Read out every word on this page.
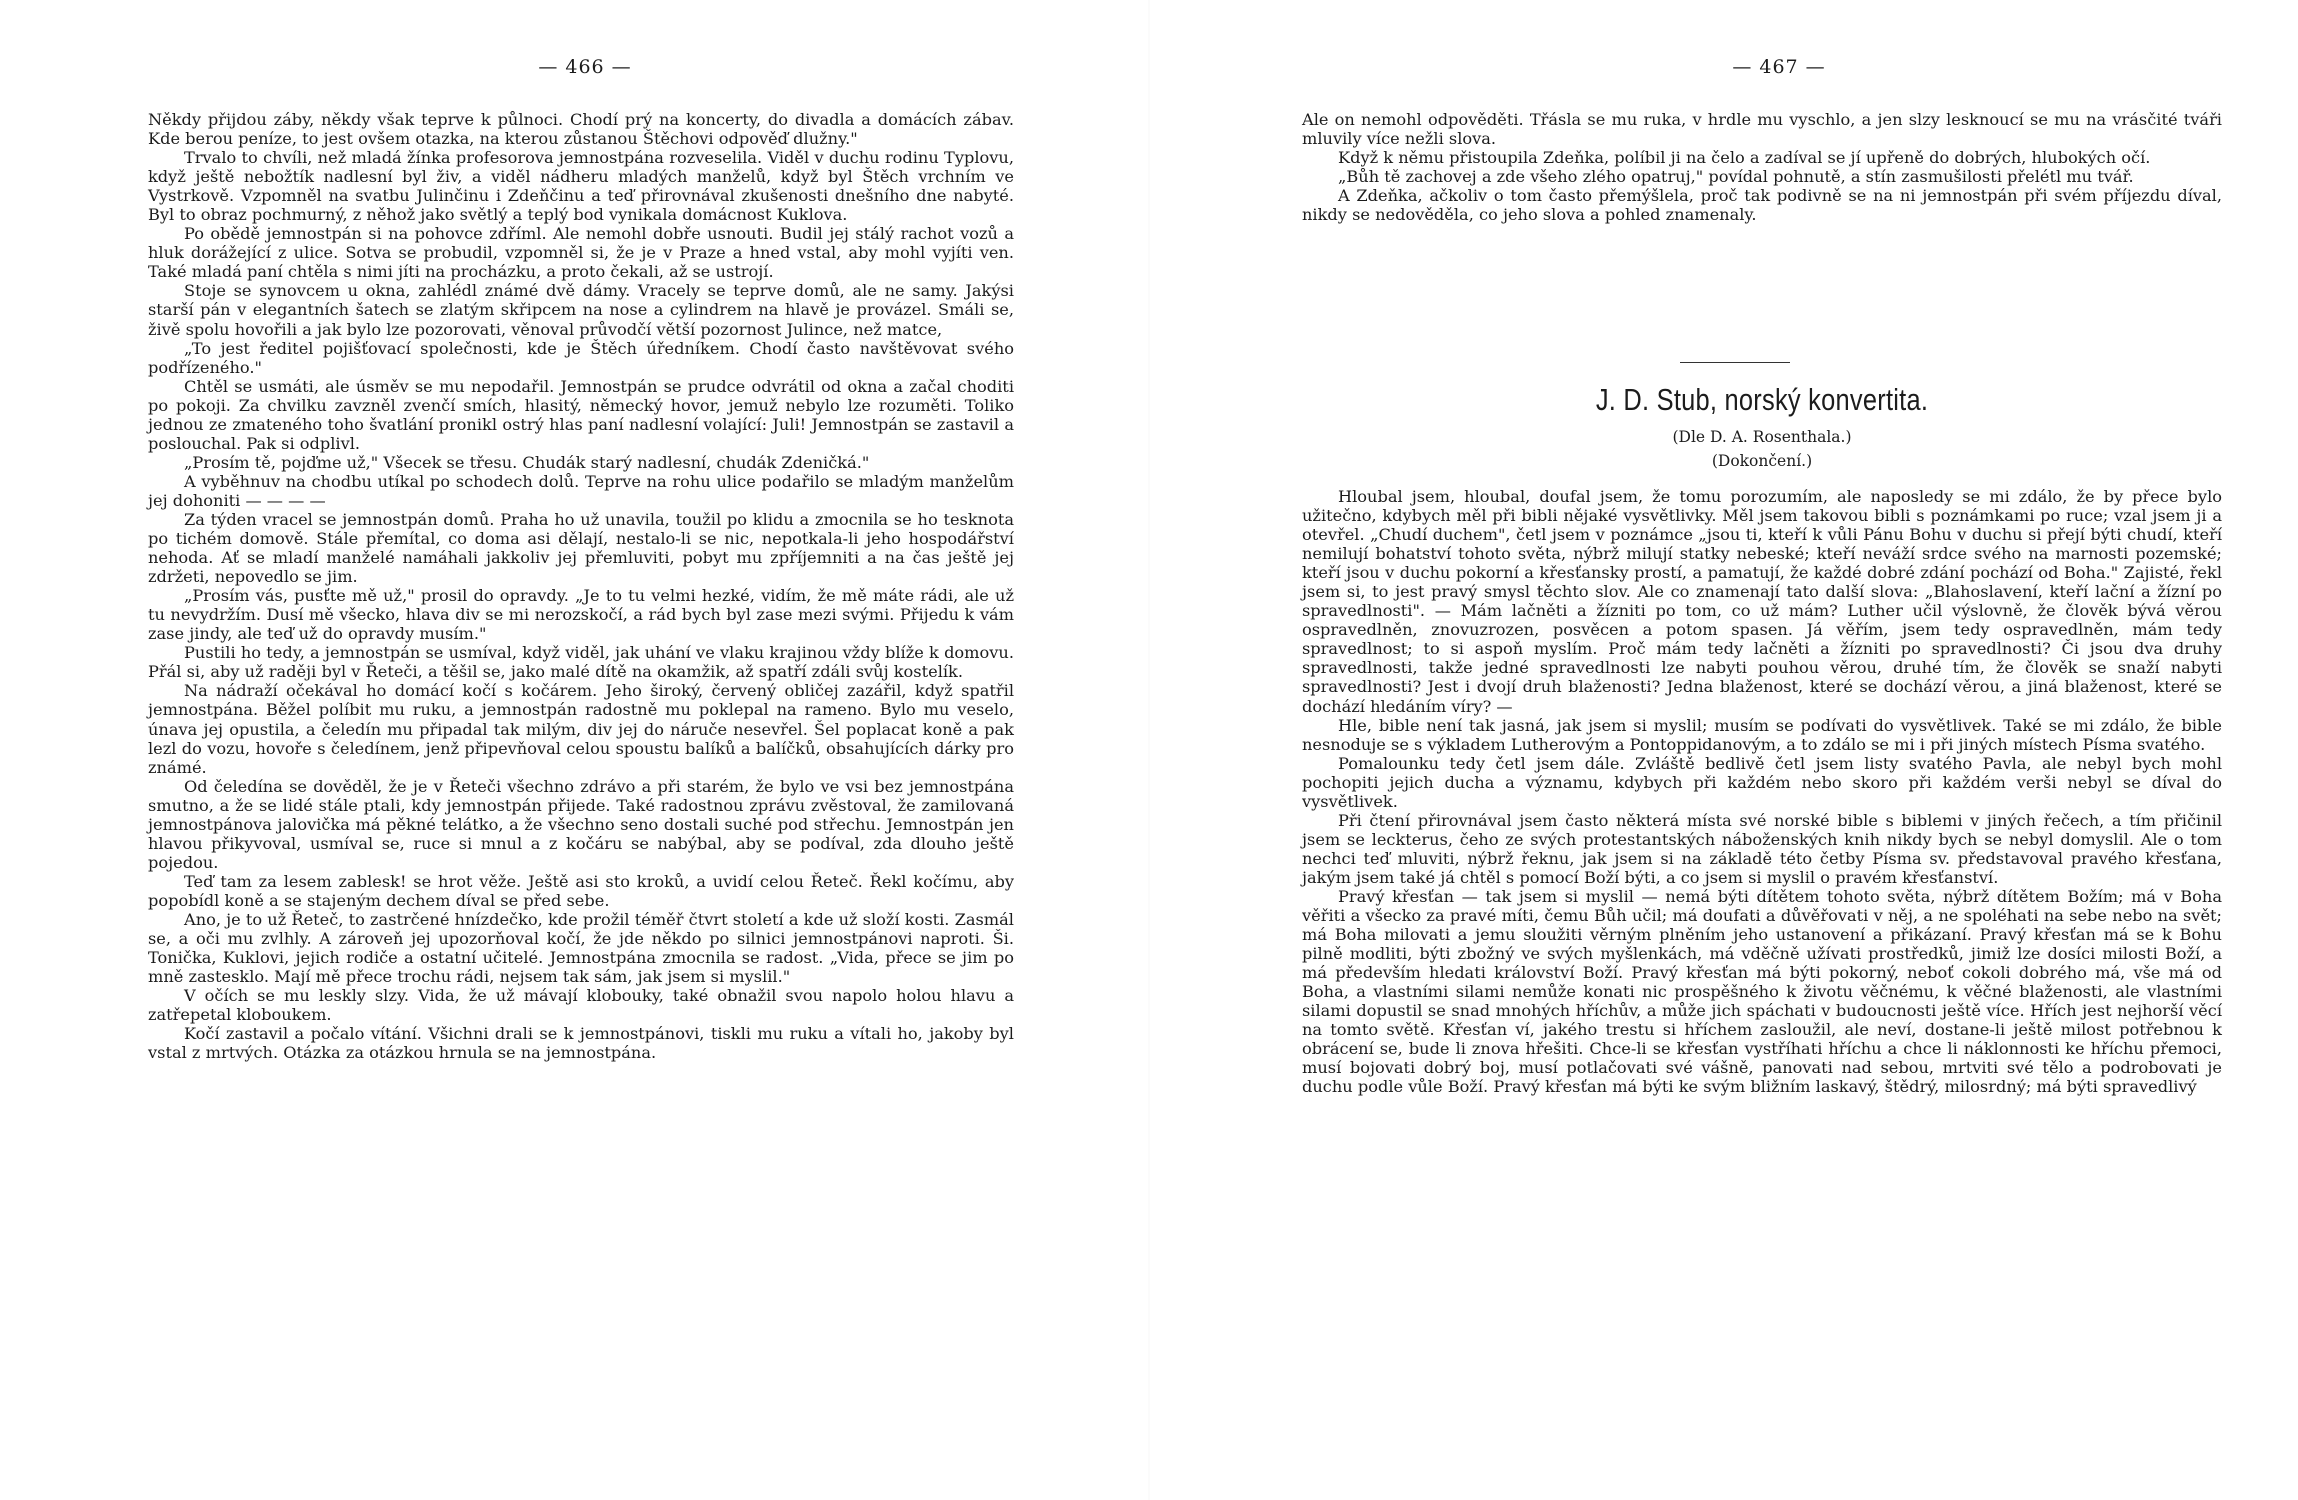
— 466 —

Někdy přijdou záby, někdy však teprve k půlnoci. Chodí prý na koncerty, do divadla a domácích zábav. Kde berou peníze, to jest ovšem otazka, na kterou zůstanou Štěchovi odpověď dlužny."

Trvalo to chvíli, než mladá žínka profesorova jemnostpána rozveselila. Viděl v duchu rodinu Typlovu, když ještě nebožtík nadlesní byl živ, a viděl nádheru mladých manželů, když byl Štěch vrchním ve Vystrkově. Vzpomněl na svatbu Julinčinu i Zdeňčinu a teď přirovnával zkušenosti dnešního dne nabyté. Byl to obraz pochmurný, z něhož jako světlý a teplý bod vynikala domácnost Kuklova.

Po obědě jemnostpán si na pohovce zdříml. Ale nemohl dobře usnouti. Budil jej stálý rachot vozů a hluk dorážející z ulice. Sotva se probudil, vzpomněl si, že je v Praze a hned vstal, aby mohl vyjíti ven. Také mladá paní chtěla s nimi jíti na procházku, a proto čekali, až se ustrojí.

Stoje se synovcem u okna, zahlédl známé dvě dámy. Vracely se teprve domů, ale ne samy. Jakýsi starší pán v elegantních šatech se zlatým skřipcem na nose a cylindrem na hlavě je provázel. Smáli se, živě spolu hovořili a jak bylo lze pozorovati, věnoval průvodčí větší pozornost Julince, než matce,

„To jest ředitel pojišťovací společnosti, kde je Štěch úředníkem. Chodí často navštěvovat svého podřízeného."

Chtěl se usmáti, ale úsměv se mu nepodařil. Jemnostpán se prudce odvrátil od okna a začal choditi po pokoji. Za chvilku zavzněl zvenčí smích, hlasitý, německý hovor, jemuž nebylo lze rozuměti. Toliko jednou ze zmateného toho švatlání pronikl ostrý hlas paní nadlesní volající: Juli! Jemnostpán se zastavil a poslouchal. Pak si odplivl.

„Prosím tě, pojďme už," Všecek se třesu. Chudák starý nadlesní, chudák Zdeničká."

A vyběhnuv na chodbu utíkal po schodech dolů. Teprve na rohu ulice podařilo se mladým manželům jej dohoniti — — — —

Za týden vracel se jemnostpán domů. Praha ho už unavila, toužil po klidu a zmocnila se ho tesknota po tichém domově. Stále přemítal, co doma asi dělají, nestalo-li se nic, nepotkala-li jeho hospodářství nehoda. Ať se mladí manželé namáhali jakkoliv jej přemluviti, pobyt mu zpříjemniti a na čas ještě jej zdržeti, nepovedlo se jim.

„Prosím vás, pusťte mě už," prosil do opravdy. „Je to tu velmi hezké, vidím, že mě máte rádi, ale už tu nevydržím. Dusí mě všecko, hlava div se mi nerozskočí, a rád bych byl zase mezi svými. Přijedu k vám zase jindy, ale teď už do opravdy musím."

Pustili ho tedy, a jemnostpán se usmíval, když viděl, jak uhání ve vlaku krajinou vždy blíže k domovu. Přál si, aby už raději byl v Řeteči, a těšil se, jako malé dítě na okamžik, až spatří zdáli svůj kostelík.

Na nádraží očekával ho domácí kočí s kočárem. Jeho široký, červený obličej zazářil, když spatřil jemnostpána. Běžel políbit mu ruku, a jemnostpán radostně mu poklepal na rameno. Bylo mu veselo, únava jej opustila, a čeledín mu připadal tak milým, div jej do náruče nesevřel. Šel poplacat koně a pak lezl do vozu, hovoře s čeledínem, jenž připevňoval celou spoustu balíků a balíčků, obsahujících dárky pro známé.

Od čeledína se dověděl, že je v Řeteči všechno zdrávo a při starém, že bylo ve vsi bez jemnostpána smutno, a že se lidé stále ptali, kdy jemnostpán přijede. Také radostnou zprávu zvěstoval, že zamilovaná jemnostpánova jalovička má pěkné telátko, a že všechno seno dostali suché pod střechu. Jemnostpán jen hlavou přikyvoval, usmíval se, ruce si mnul a z kočáru se nabýbal, aby se podíval, zda dlouho ještě pojedou.

Teď tam za lesem zablesk! se hrot věže. Ještě asi sto kroků, a uvidí celou Řeteč. Řekl kočímu, aby popobídl koně a se stajeným dechem díval se před sebe.

Ano, je to už Řeteč, to zastrčené hnízdečko, kde prožil téměř čtvrt století a kde už složí kosti. Zasmál se, a oči mu zvlhly. A zároveň jej upozorňoval kočí, že jde někdo po silnici jemnostpánovi naproti. Ši. Tonička, Kuklovi, jejich rodiče a ostatní učitelé. Jemnostpána zmocnila se radost. „Vida, přece se jim po mně zastesklo. Mají mě přece trochu rádi, nejsem tak sám, jak jsem si myslil."

V očích se mu leskly slzy. Vida, že už mávají klobouky, také obnažil svou napolo holou hlavu a zatřepetal kloboukem.

Kočí zastavil a počalo vítání. Všichni drali se k jemnostpánovi, tiskli mu ruku a vítali ho, jakoby byl vstal z mrtvých. Otázka za otázkou hrnula se na jemnostpána.

— 467 —

Ale on nemohl odpověděti. Třásla se mu ruka, v hrdle mu vyschlo, a jen slzy lesknoucí se mu na vrásčité tváři mluvily více nežli slova.

Když k němu přistoupila Zdeňka, políbil ji na čelo a zadíval se jí upřeně do dobrých, hlubokých očí.

„Bůh tě zachovej a zde všeho zlého opatruj," povídal pohnutě, a stín zasmušilosti přelétl mu tvář.

A Zdeňka, ačkoliv o tom často přemýšlela, proč tak podivně se na ni jemnostpán při svém příjezdu díval, nikdy se nedověděla, co jeho slova a pohled znamenaly.

J. D. Stub, norský konvertita.
(Dle D. A. Rosenthala.)
(Dokončení.)

Hloubal jsem, hloubal, doufal jsem, že tomu porozumím, ale naposledy se mi zdálo, že by přece bylo užitečno, kdybych měl při bibli nějaké vysvětlivky. Měl jsem takovou bibli s poznámkami po ruce; vzal jsem ji a otevřel. „Chudí duchem", četl jsem v poznámce „jsou ti, kteří k vůli Pánu Bohu v duchu si přejí býti chudí, kteří nemilují bohatství tohoto světa, nýbrž milují statky nebeské; kteří neváží srdce svého na marnosti pozemské; kteří jsou v duchu pokorní a křesťansky prostí, a pamatují, že každé dobré zdání pochází od Boha." Zajisté, řekl jsem si, to jest pravý smysl těchto slov. Ale co znamenají tato další slova: „Blahoslavení, kteří lační a žízní po spravedlnosti". — Mám lačněti a žízniti po tom, co už mám? Luther učil výslovně, že člověk bývá věrou ospravedlněn, znovuzrozen, posvěcen a potom spasen. Já věřím, jsem tedy ospravedlněn, mám tedy spravedlnost; to si aspoň myslím. Proč mám tedy lačněti a žízniti po spravedlnosti? Či jsou dva druhy spravedlnosti, takže jedné spravedlnosti lze nabyti pouhou věrou, druhé tím, že člověk se snaží nabyti spravedlnosti? Jest i dvojí druh blaženosti? Jedna blaženost, které se dochází věrou, a jiná blaženost, které se dochází hledáním víry? —

Hle, bible není tak jasná, jak jsem si myslil; musím se podívati do vysvětlivek. Také se mi zdálo, že bible nesnoduje se s výkladem Lutherovým a Pontoppidanovým, a to zdálo se mi i při jiných místech Písma svatého.

Pomalounku tedy četl jsem dále. Zvláště bedlivě četl jsem listy svatého Pavla, ale nebyl bych mohl pochopiti jejich ducha a významu, kdybych při každém nebo skoro při každém verši nebyl se díval do vysvětlivek.

Při čtení přirovnával jsem často některá místa své norské bible s biblemi v jiných řečech, a tím přičinil jsem se leckterus, čeho ze svých protestantských náboženských knih nikdy bych se nebyl domyslil. Ale o tom nechci teď mluviti, nýbrž řeknu, jak jsem si na základě této četby Písma sv. představoval pravého křesťana, jakým jsem také já chtěl s pomocí Boží býti, a co jsem si myslil o pravém křesťanství.

Pravý křesťan — tak jsem si myslil — nemá býti dítětem tohoto světa, nýbrž dítětem Božím; má v Boha věřiti a všecko za pravé míti, čemu Bůh učil; má doufati a důvěřovati v něj, a ne spoléhati na sebe nebo na svět; má Boha milovati a jemu sloužiti věrným plněním jeho ustanovení a přikázaní. Pravý křesťan má se k Bohu pilně modliti, býti zbožný ve svých myšlenkách, má vděčně užívati prostředků, jimiž lze dosíci milosti Boží, a má především hledati království Boží. Pravý křesťan má býti pokorný, neboť cokoli dobrého má, vše má od Boha, a vlastními silami nemůže konati nic prospěšného k životu věčnému, k věčné blaženosti, ale vlastními silami dopustil se snad mnohých hříchův, a může jich spáchati v budoucnosti ještě více. Hřích jest nejhorší věcí na tomto světě. Křesťan ví, jakého trestu si hříchem zasloužil, ale neví, dostane-li ještě milost potřebnou k obrácení se, bude li znova hřešiti. Chce-li se křesťan vystříhati hříchu a chce li náklonnosti ke hříchu přemoci, musí bojovati dobrý boj, musí potlačovati své vášně, panovati nad sebou, mrtviti své tělo a podrobovati je duchu podle vůle Boží. Pravý křesťan má býti ke svým bližním laskavý, štědrý, milosrdný; má býti spravedlivý
